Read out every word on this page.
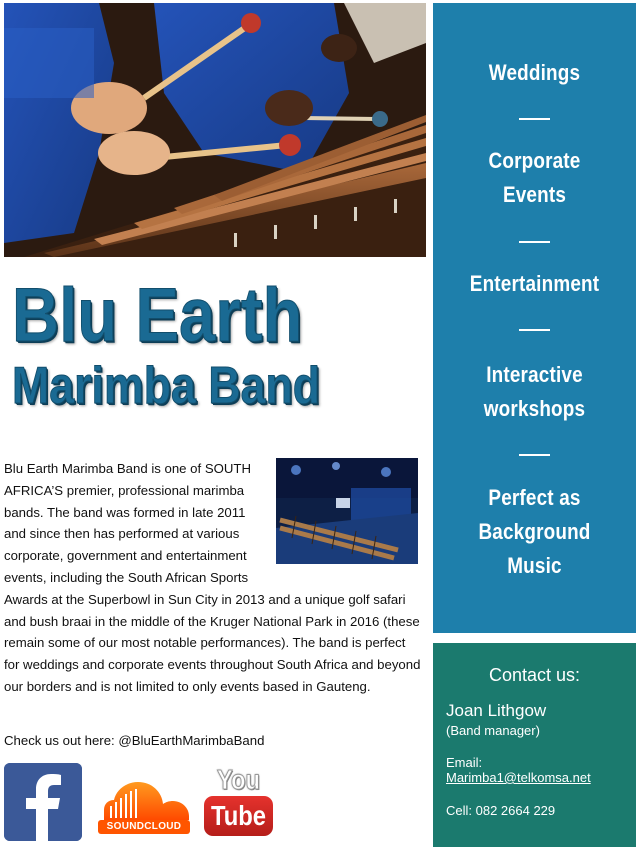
Weddings
Corporate
Events
Entertainment
Interactive
workshops
Perfect as
Background
Music
Blu Earth
Marimba Band
Blu Earth Marimba Band is one of SOUTH AFRICA’S premier, professional marimba bands. The band was formed in late 2011 and since then has performed at various corporate, government and entertainment events, including the South African Sports Awards at the Superbowl in Sun City in 2013 and a unique golf safari and bush braai in the middle of the Kruger National Park in 2016 (these remain some of our most notable performances). The band is perfect for weddings and corporate events throughout South Africa and beyond our borders and is not limited to only events based in Gauteng.
Check us out here: @BluEarthMarimbaBand
SOUNDCLOUD
You
Tube
Contact us:
Joan Lithgow
(Band manager)
Email:
Marimba1@telkomsa.net
Cell: 082 2664 229
